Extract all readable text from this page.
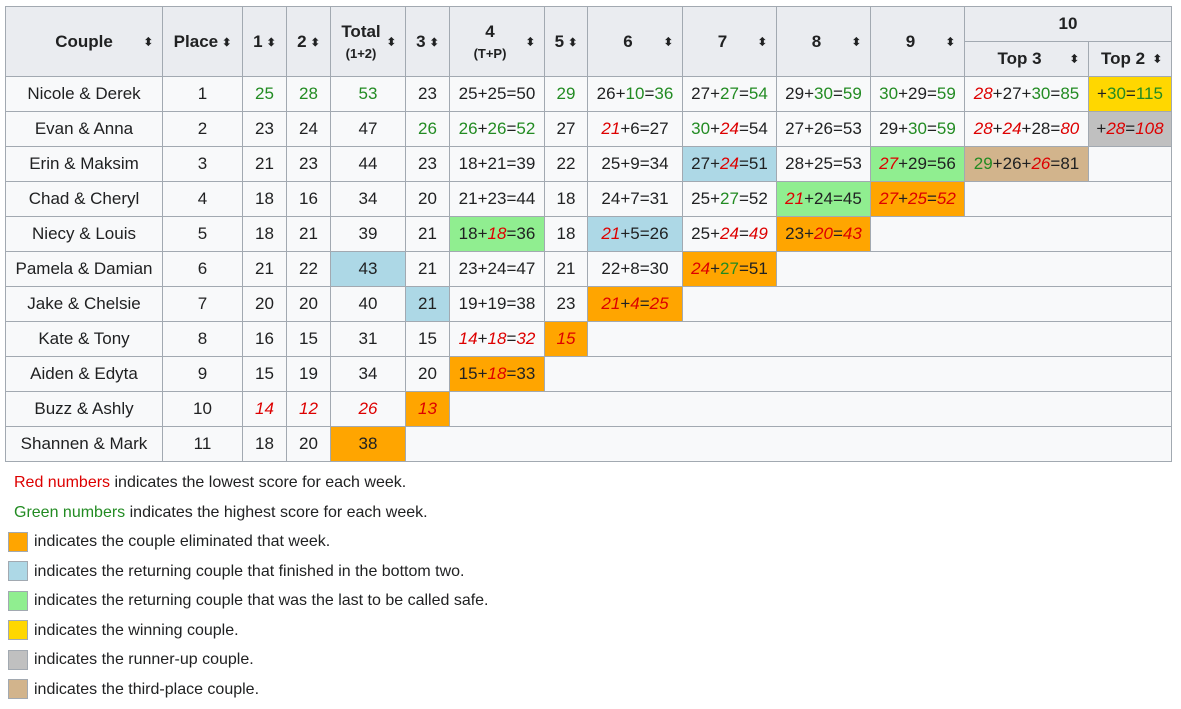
Couple ⬍	Place ⬍	1 ⬍	2 ⬍	Total
(1+2)
⬍	3 ⬍	4
(T+P)
⬍	5 ⬍	6 ⬍	7 ⬍	8 ⬍	9 ⬍	10	
												Top 3 ⬍	Top 2 ⬍

Nicole & Derek	1	25	28	53	23	25+25=50	29	26+10=36	27+27=54	29+30=59	30+29=59	28+27+30=85	+30=115
Evan & Anna	2	23	24	47	26	26+26=52	27	21+6=27	30+24=54	27+26=53	29+30=59	28+24+28=80	+28=108
Erin & Maksim	3	21	23	44	23	18+21=39	22	25+9=34	27+24=51	28+25=53	27+29=56	29+26+26=81	
Chad & Cheryl	4	18	16	34	20	21+23=44	18	24+7=31	25+27=52	21+24=45	27+25=52		
Niecy & Louis	5	18	21	39	21	18+18=36	18	21+5=26	25+24=49	23+20=43			
Pamela & Damian	6	21	22	43	21	23+24=47	21	22+8=30	24+27=51				
Jake & Chelsie	7	20	20	40	21	19+19=38	23	21+4=25					
Kate & Tony	8	16	15	31	15	14+18=32	15						
Aiden & Edyta	9	15	19	34	20	15+18=33							
Buzz & Ashly	10	14	12	26	13								
Shannen & Mark	11	18	20	38									
Red numbers indicates the lowest score for each week.
Green numbers indicates the highest score for each week.
indicates the couple eliminated that week.
indicates the returning couple that finished in the bottom two.
indicates the returning couple that was the last to be called safe.
indicates the winning couple.
indicates the runner-up couple.
indicates the third-place couple.
